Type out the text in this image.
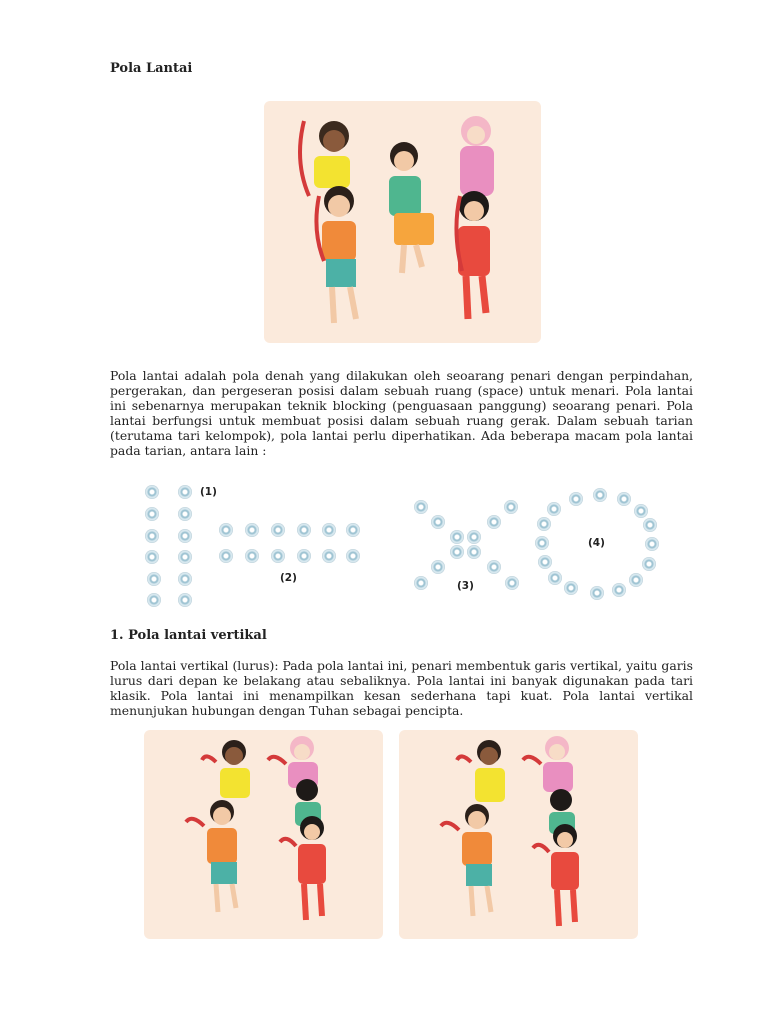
Pola Lantai
Pola lantai adalah pola denah yang dilakukan oleh seoarang penari dengan perpindahan, pergerakan, dan pergeseran posisi dalam sebuah ruang (space) untuk menari. Pola lantai ini sebenarnya merupakan teknik blocking (penguasaan panggung) seoarang penari. Pola lantai berfungsi untuk membuat posisi dalam sebuah ruang gerak. Dalam sebuah tarian (terutama tari kelompok), pola lantai perlu diperhatikan. Ada beberapa macam pola lantai pada tarian, antara lain :
(1)
(2)
(3)
(4)
1. Pola lantai vertikal
Pola lantai vertikal (lurus): Pada pola lantai ini, penari membentuk garis vertikal, yaitu garis lurus dari depan ke belakang atau sebaliknya. Pola lantai ini banyak digunakan pada tari klasik. Pola lantai ini menampilkan kesan sederhana tapi kuat. Pola lantai vertikal menunjukan hubungan dengan Tuhan sebagai pencipta.
